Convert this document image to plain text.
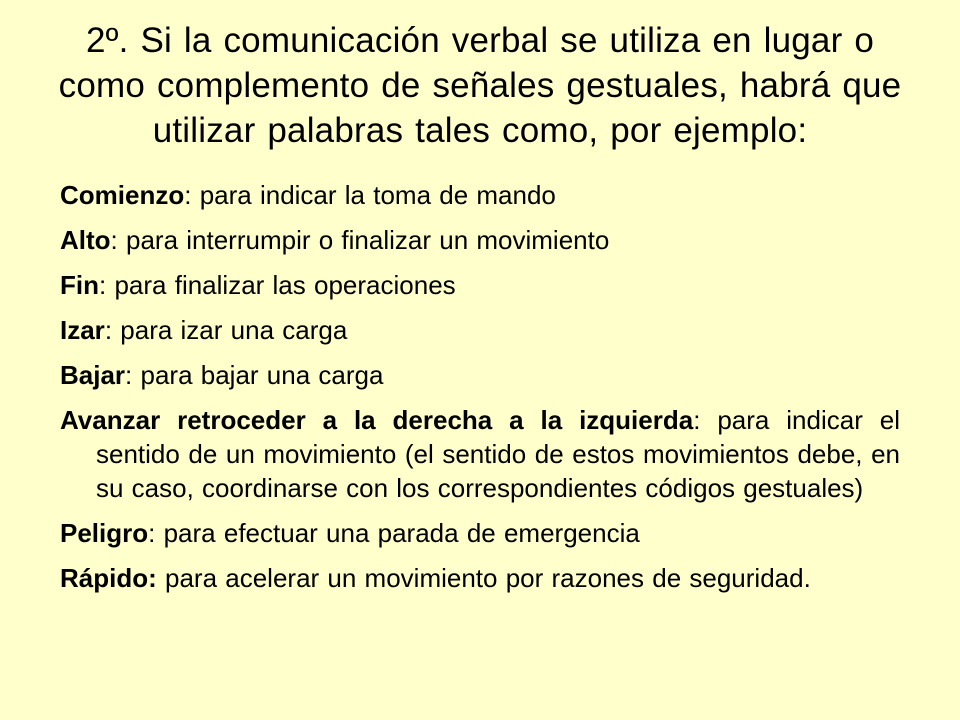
2º. Si la comunicación verbal se utiliza en lugar o como complemento de señales gestuales, habrá que utilizar palabras tales como, por ejemplo:
Comienzo: para indicar la toma de mando
Alto: para interrumpir o finalizar un movimiento
Fin: para finalizar las operaciones
Izar: para izar una carga
Bajar: para bajar una carga
Avanzar retroceder a la derecha a la izquierda: para indicar el sentido de un movimiento (el sentido de estos movimientos debe, en su caso, coordinarse con los correspondientes códigos gestuales)
Peligro: para efectuar una parada de emergencia
Rápido: para acelerar un movimiento por razones de seguridad.
